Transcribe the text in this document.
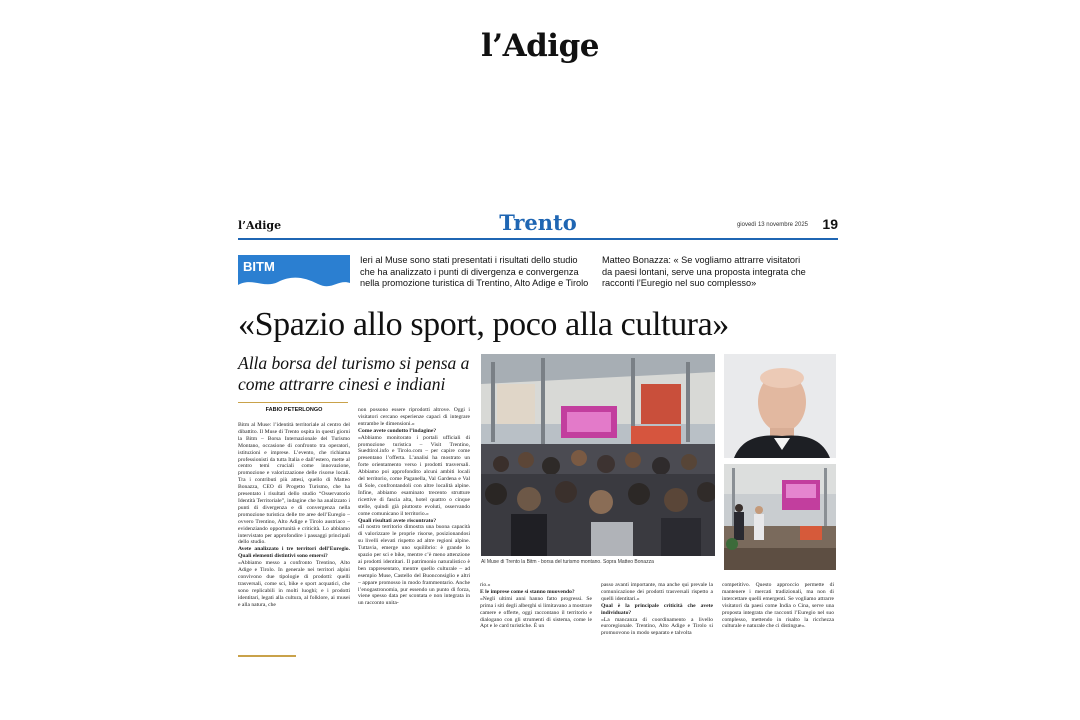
l’Adige
l’Adige	Trento	giovedì 13 novembre 2025 19
BITM	Ieri al Muse sono stati presentati i risultati dello studio che ha analizzato i punti di divergenza e convergenza nella promozione turistica di Trentino, Alto Adige e Tirolo
Matteo Bonazza: « Se vogliamo attrarre visitatori da paesi lontani, serve una proposta integrata che racconti l’Euregio nel suo complesso»
«Spazio allo sport, poco alla cultura»
Alla borsa del turismo si pensa a come attrarre cinesi e indiani
FABIO PETERLONGO
Bitm al Muse: l’identità territoriale al centro del dibattito. Il Muse di Trento ospita in questi giorni la Bitm – Borsa Internazionale del Turismo Montano, occasione di confronto tra operatori, istituzioni e imprese. L’evento, che richiama professionisti da tutta Italia e dall’estero, mette al centro temi cruciali come innovazione, promozione e valorizzazione delle risorse locali. Tra i contributi più attesi, quello di Matteo Bonazza, CEO di Progetto Turismo, che ha presentato i risultati dello studio “Osservatorio Identità Territoriale”, indagine che ha analizzato i punti di divergenza e di convergenza nella promozione turistica delle tre aree dell’Euregio – ovvero Trentino, Alto Adige e Tirolo austriaco – evidenziando opportunità e criticità. Lo abbiamo intervistato per approfondire i passaggi principali dello studio.
Avete analizzato i tre territori dell’Euregio. Quali elementi distintivi sono emersi?
«Abbiamo messo a confronto Trentino, Alto Adige e Tirolo. In generale nei territori alpini convivono due tipologie di prodotti: quelli trasversali, come sci, bike e sport acquatici, che sono replicabili in molti luoghi; e i prodotti identitari, legati alla cultura, al folklore, ai musei e alla natura, che
non possono essere riprodotti altrove. Oggi i visitatori cercano esperienze capaci di integrare entrambe le dimensioni.»
Come avete condotto l’indagine?
«Abbiamo monitorato i portali ufficiali di promozione turistica – Visit Trentino, Suedtirol.info e Tirolo.com – per capire come presentano l’offerta. L’analisi ha mostrato un forte orientamento verso i prodotti trasversali. Abbiamo poi approfondito alcuni ambiti locali del territorio, come Paganella, Val Gardena e Val di Sole, confrontandoli con altre località alpine. Infine, abbiamo esaminato trecento strutture ricettive di fascia alta, hotel quattro o cinque stelle, quindi già piuttosto evoluti, osservando come comunicano il territorio.»
Quali risultati avete riscontrato?
«Il nostro territorio dimostra una buona capacità di valorizzare le proprie risorse, posizionandosi su livelli elevati rispetto ad altre regioni alpine. Tuttavia, emerge uno squilibrio: è grande lo spazio per sci e bike, mentre c’è meno attenzione ai prodotti identitari. Il patrimonio naturalistico è ben rappresentato, mentre quello culturale – ad esempio Muse, Castello del Buonconsiglio e altri – appare promosso in modo frammentario. Anche l’enogastronomia, pur essendo un punto di forza, viene spesso data per scontata e non integrata in un racconto unita-
Al Muse di Trento la Bitm - borsa del turismo montano. Sopra Matteo Bonazza
rio.»
E le imprese come si stanno muovendo?
«Negli ultimi anni hanno fatto progressi. Se prima i siti degli alberghi si limitavano a mostrare camere e offerte, oggi raccontano il territorio e dialogano con gli strumenti di sistema, come le Apt e le card turistiche. È un
passo avanti importante, ma anche qui prevale la comunicazione dei prodotti trasversali rispetto a quelli identitari.»
Qual è la principale criticità che avete individuato?
«La mancanza di coordinamento a livello euroregionale. Trentino, Alto Adige e Tirolo si promuovono in modo separato e talvolta
competitivo. Questo approccio permette di mantenere i mercati tradizionali, ma non di intercettare quelli emergenti. Se vogliamo attrarre visitatori da paesi come India o Cina, serve una proposta integrata che racconti l’Euregio nel suo complesso, mettendo in risalto la ricchezza culturale e naturale che ci distingue».
